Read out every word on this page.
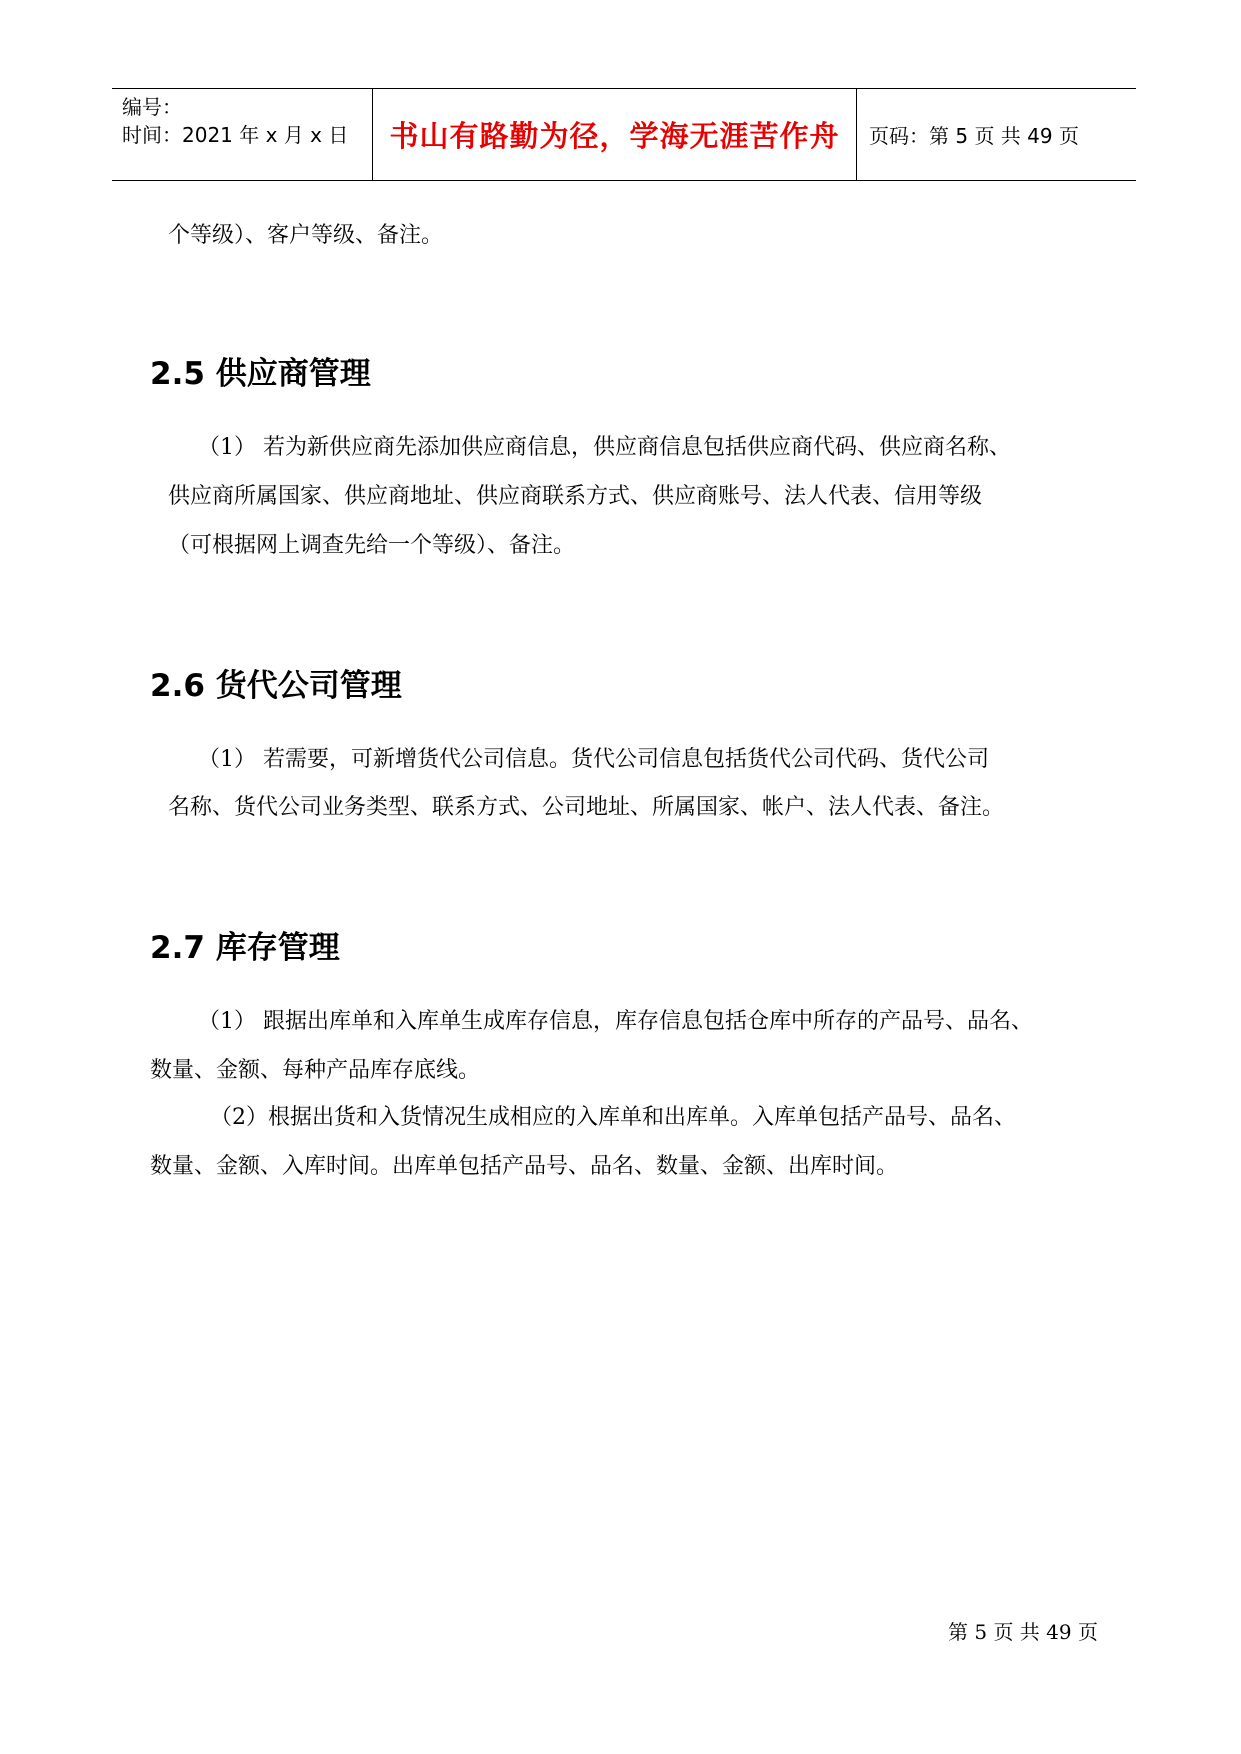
编号：
时间：2021 年 x 月 x 日	书山有路勤为径，学海无涯苦作舟	页码：第 5 页 共 49 页
个等级）、客户等级、备注。
2.5 供应商管理
（1） 若为新供应商先添加供应商信息，供应商信息包括供应商代码、供应商名称、
供应商所属国家、供应商地址、供应商联系方式、供应商账号、法人代表、信用等级
（可根据网上调查先给一个等级）、备注。
2.6 货代公司管理
（1） 若需要，可新增货代公司信息。货代公司信息包括货代公司代码、货代公司
名称、货代公司业务类型、联系方式、公司地址、所属国家、帐户、法人代表、备注。
2.7 库存管理
（1） 跟据出库单和入库单生成库存信息，库存信息包括仓库中所存的产品号、品名、
数量、金额、每种产品库存底线。
（2）根据出货和入货情况生成相应的入库单和出库单。入库单包括产品号、品名、
数量、金额、入库时间。出库单包括产品号、品名、数量、金额、出库时间。
第 5 页 共 49 页
